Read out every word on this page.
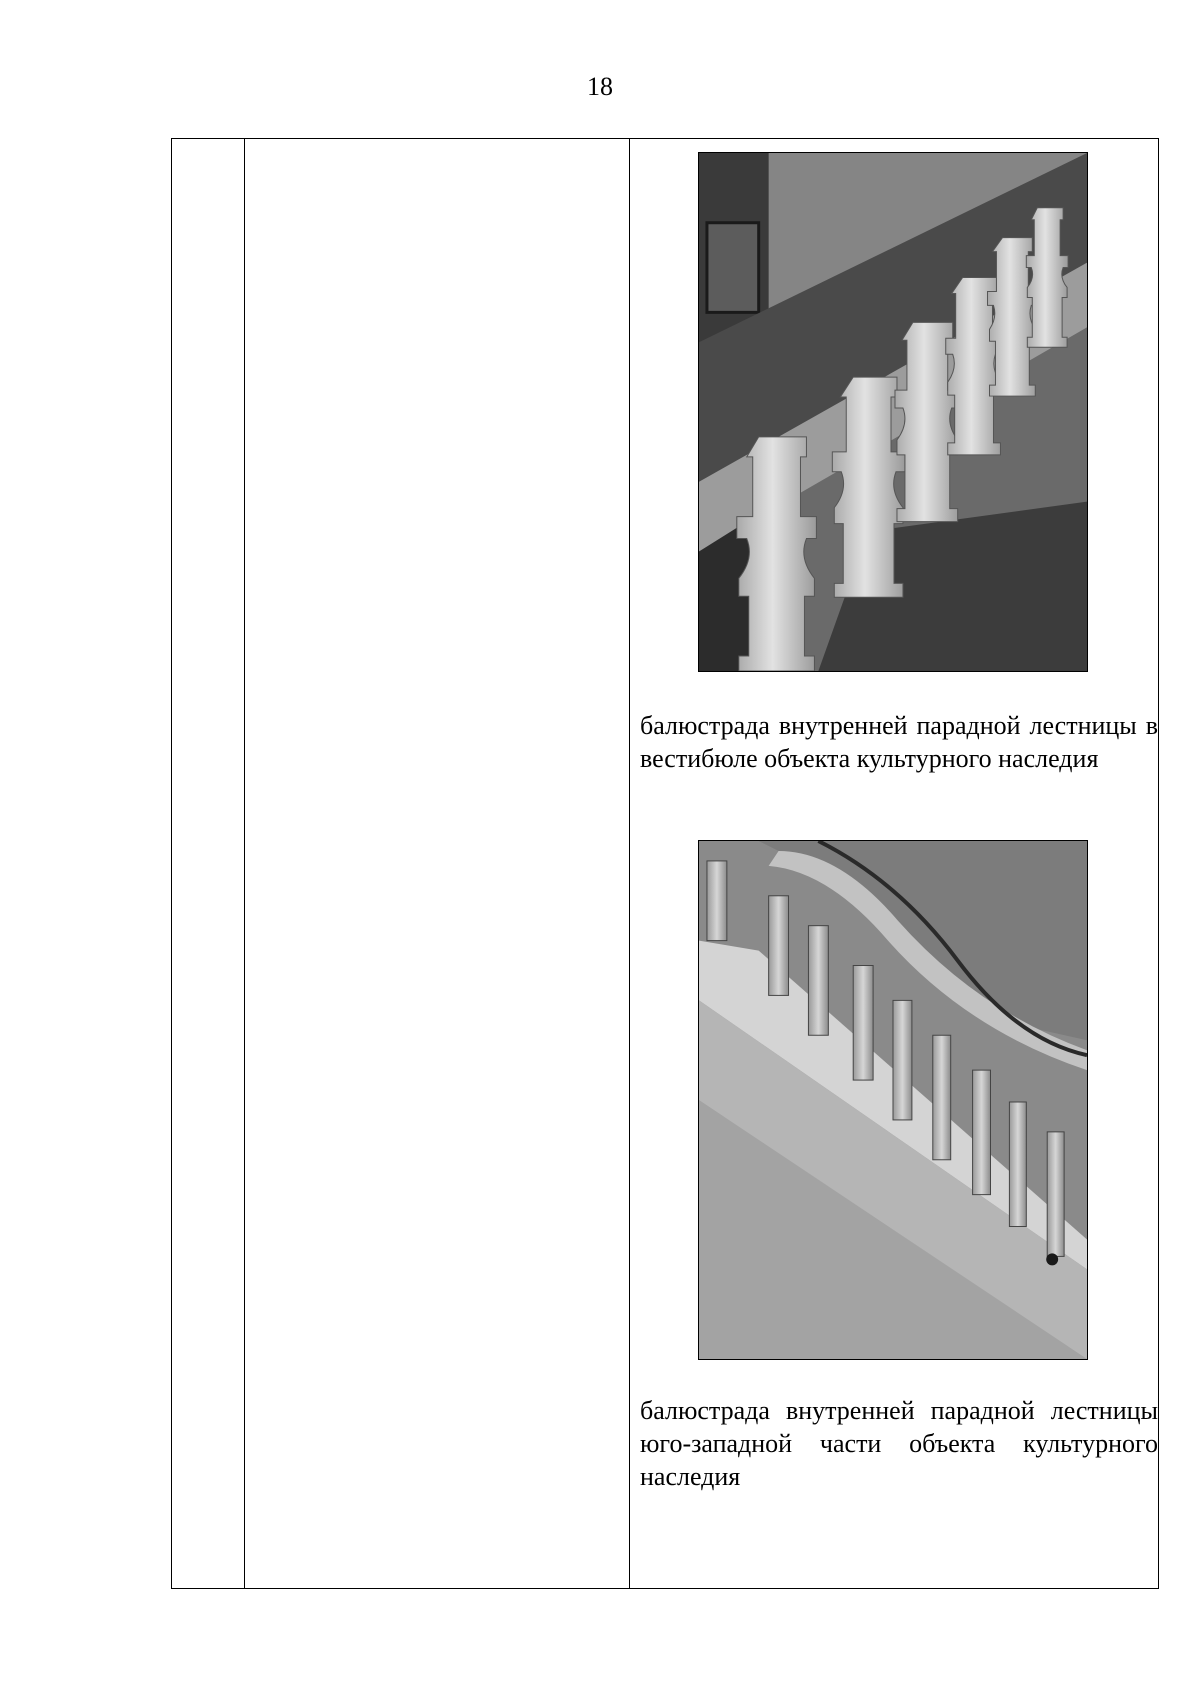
18
балюстрада внутренней парадной лестницы в вестибюле объекта культурного наследия
балюстрада внутренней парадной лестницы юго-западной части объекта культурного наследия
